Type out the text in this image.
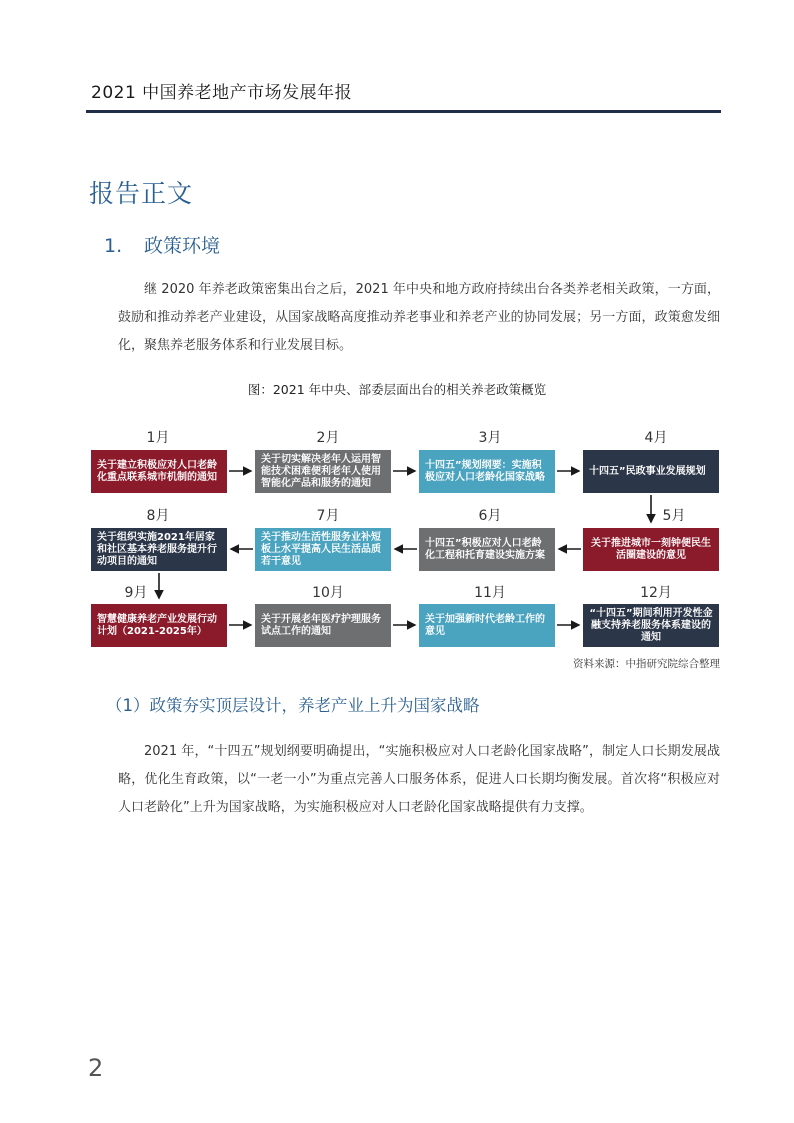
2021 中国养老地产市场发展年报
报告正文
1. 政策环境
继 2020 年养老政策密集出台之后，2021 年中央和地方政府持续出台各类养老相关政策，一方面，鼓励和推动养老产业建设，从国家战略高度推动养老事业和养老产业的协同发展；另一方面，政策愈发细化，聚焦养老服务体系和行业发展目标。
图：2021 年中央、部委层面出台的相关养老政策概览
1月	2月	3月	4月
关于建立积极应对人口老龄化重点联系城市机制的通知
关于切实解决老年人运用智能技术困难便利老年人使用智能化产品和服务的通知
十四五”规划纲要：实施积极应对人口老龄化国家战略
十四五”民政事业发展规划
8月	7月	6月	5月
关于组织实施2021年居家和社区基本养老服务提升行动项目的通知
关于推动生活性服务业补短板上水平提高人民生活品质若干意见
十四五”积极应对人口老龄化工程和托育建设实施方案
关于推进城市一刻钟便民生活圈建设的意见
9月	10月	11月	12月
智慧健康养老产业发展行动计划（2021-2025年）
关于开展老年医疗护理服务试点工作的通知
关于加强新时代老龄工作的意见
“十四五”期间利用开发性金融支持养老服务体系建设的通知
资料来源：中指研究院综合整理
（1）政策夯实顶层设计，养老产业上升为国家战略
2021 年，“十四五”规划纲要明确提出，“实施积极应对人口老龄化国家战略”，制定人口长期发展战略，优化生育政策，以“一老一小”为重点完善人口服务体系，促进人口长期均衡发展。首次将“积极应对人口老龄化”上升为国家战略，为实施积极应对人口老龄化国家战略提供有力支撑。
2
